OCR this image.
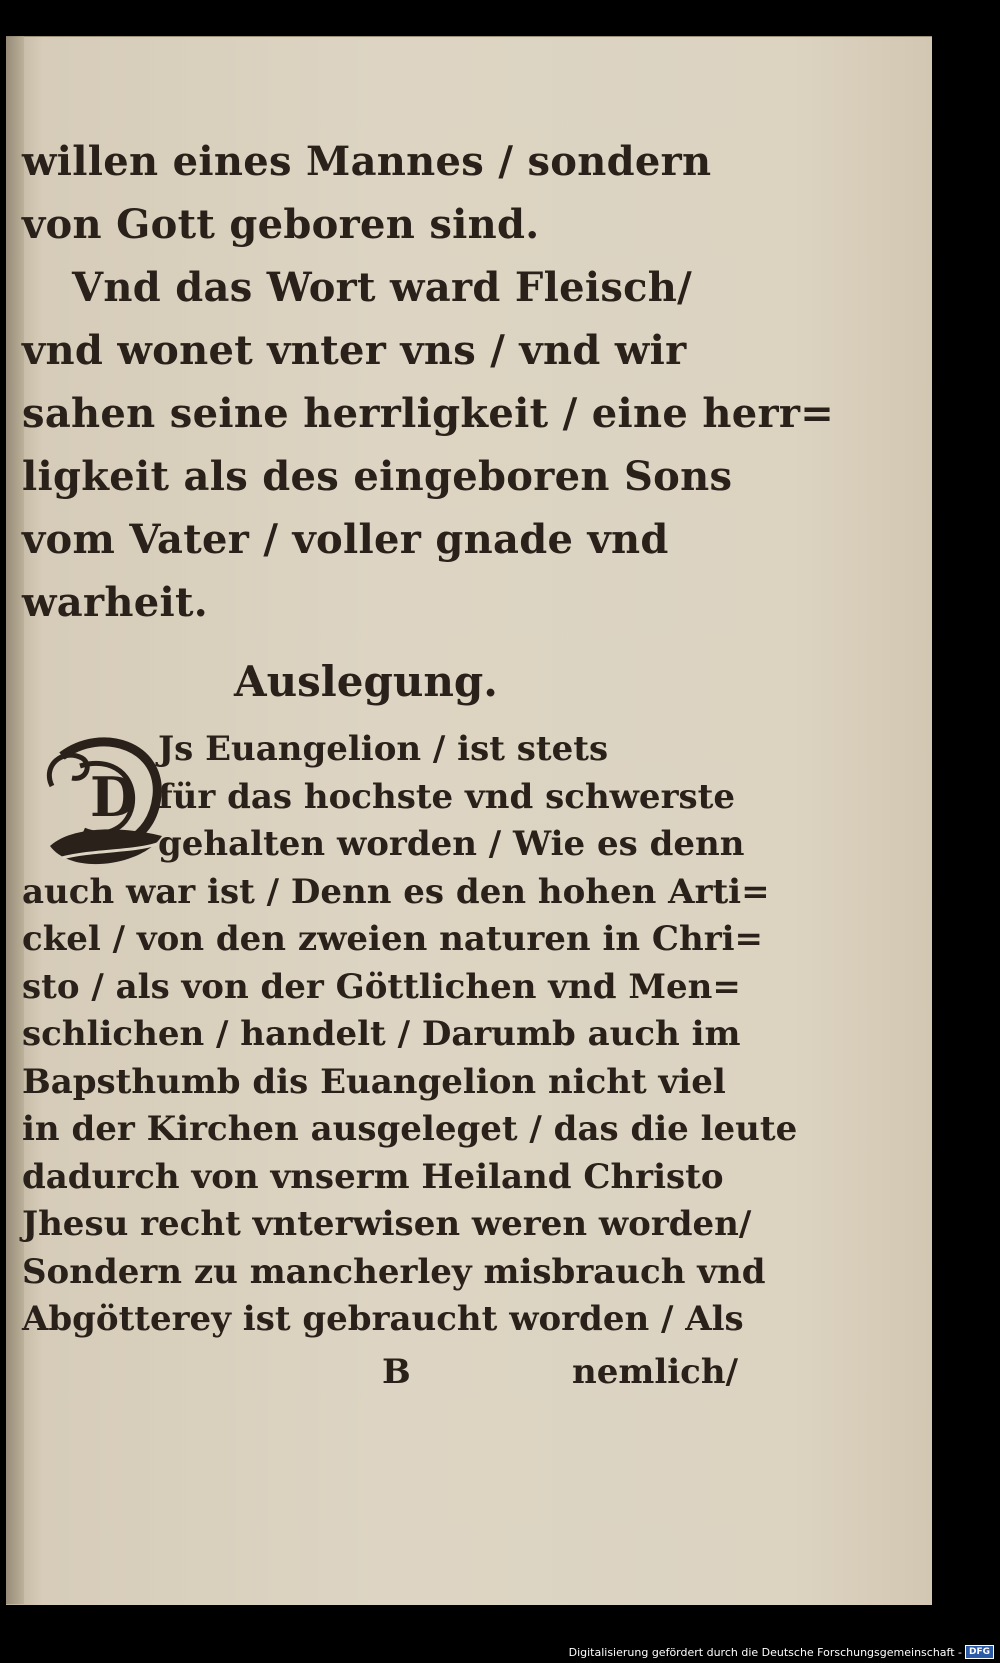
willen eines Mannes / sondern
von Gott geboren sind.
Vnd das Wort ward Fleisch/
vnd wonet vnter vns / vnd wir
sahen seine herrligkeit / eine herr=
ligkeit als des eingeboren Sons
vom Vater / voller gnade vnd
warheit.
Auslegung.
D
Js Euangelion / ist stets
für das hochste vnd schwerste
gehalten worden / Wie es denn
auch war ist / Denn es den hohen Arti=
ckel / von den zweien naturen in Chri=
sto / als von der Göttlichen vnd Men=
schlichen / handelt / Darumb auch im
Bapsthumb dis Euangelion nicht viel
in der Kirchen ausgeleget / das die leute
dadurch von vnserm Heiland Christo
Jhesu recht vnterwisen weren worden/
Sondern zu mancherley misbrauch vnd
Abgötterey ist gebraucht worden / Als
B	nemlich/
Digitalisierung gefördert durch die Deutsche Forschungsgemeinschaft - DFG
